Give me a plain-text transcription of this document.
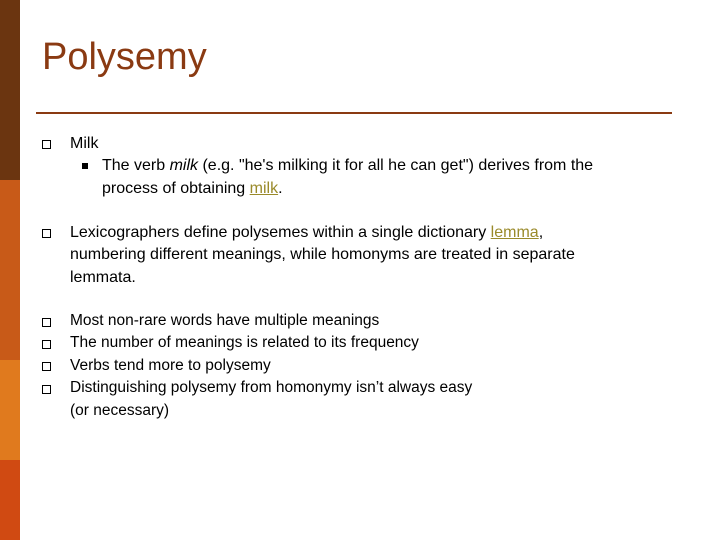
Polysemy
Milk
The verb milk (e.g. "he's milking it for all he can get") derives from the
process of obtaining milk.
Lexicographers define polysemes within a single dictionary lemma,
numbering different meanings, while homonyms are treated in separate
lemmata.
Most non-rare words have multiple meanings
The number of meanings is related to its frequency
Verbs tend more to polysemy
Distinguishing polysemy from homonymy isn’t always easy
(or necessary)
